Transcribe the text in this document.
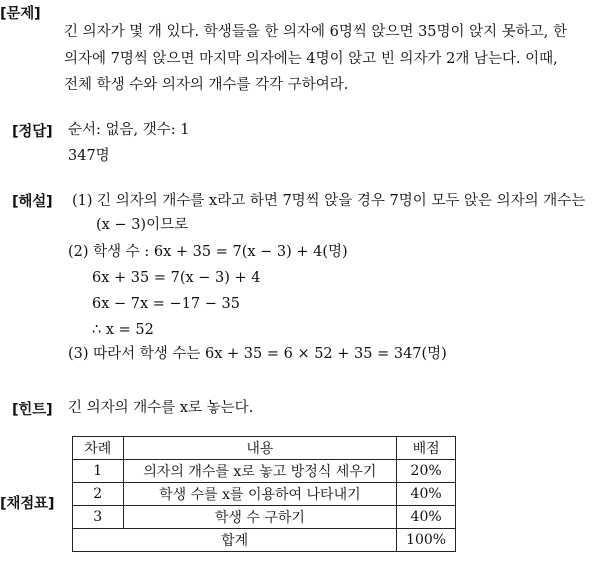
[문제]
긴 의자가 몇 개 있다. 학생들을 한 의자에 6명씩 앉으면 35명이 앉지 못하고, 한
의자에 7명씩 앉으면 마지막 의자에는 4명이 앉고 빈 의자가 2개 남는다. 이때,
전체 학생 수와 의자의 개수를 각각 구하여라.
[정답] 순서: 없음, 갯수: 1
347명
[해설] (1) 긴 의자의 개수를 x라고 하면 7명씩 앉을 경우 7명이 모두 앉은 의자의 개수는
(x − 3)이므로
(2) 학생 수 : 6x + 35 = 7(x − 3) + 4(명)
6x + 35 = 7(x − 3) + 4
6x − 7x = −17 − 35
∴ x = 52
(3) 따라서 학생 수는 6x + 35 = 6 × 52 + 35 = 347(명)
[힌트] 긴 의자의 개수를 x로 놓는다.
[채점표]
차례	내용	배점
1	의자의 개수를 x로 놓고 방정식 세우기	20%
2	학생 수를 x를 이용하여 나타내기	40%
3	학생 수 구하기	40%
합계		100%
